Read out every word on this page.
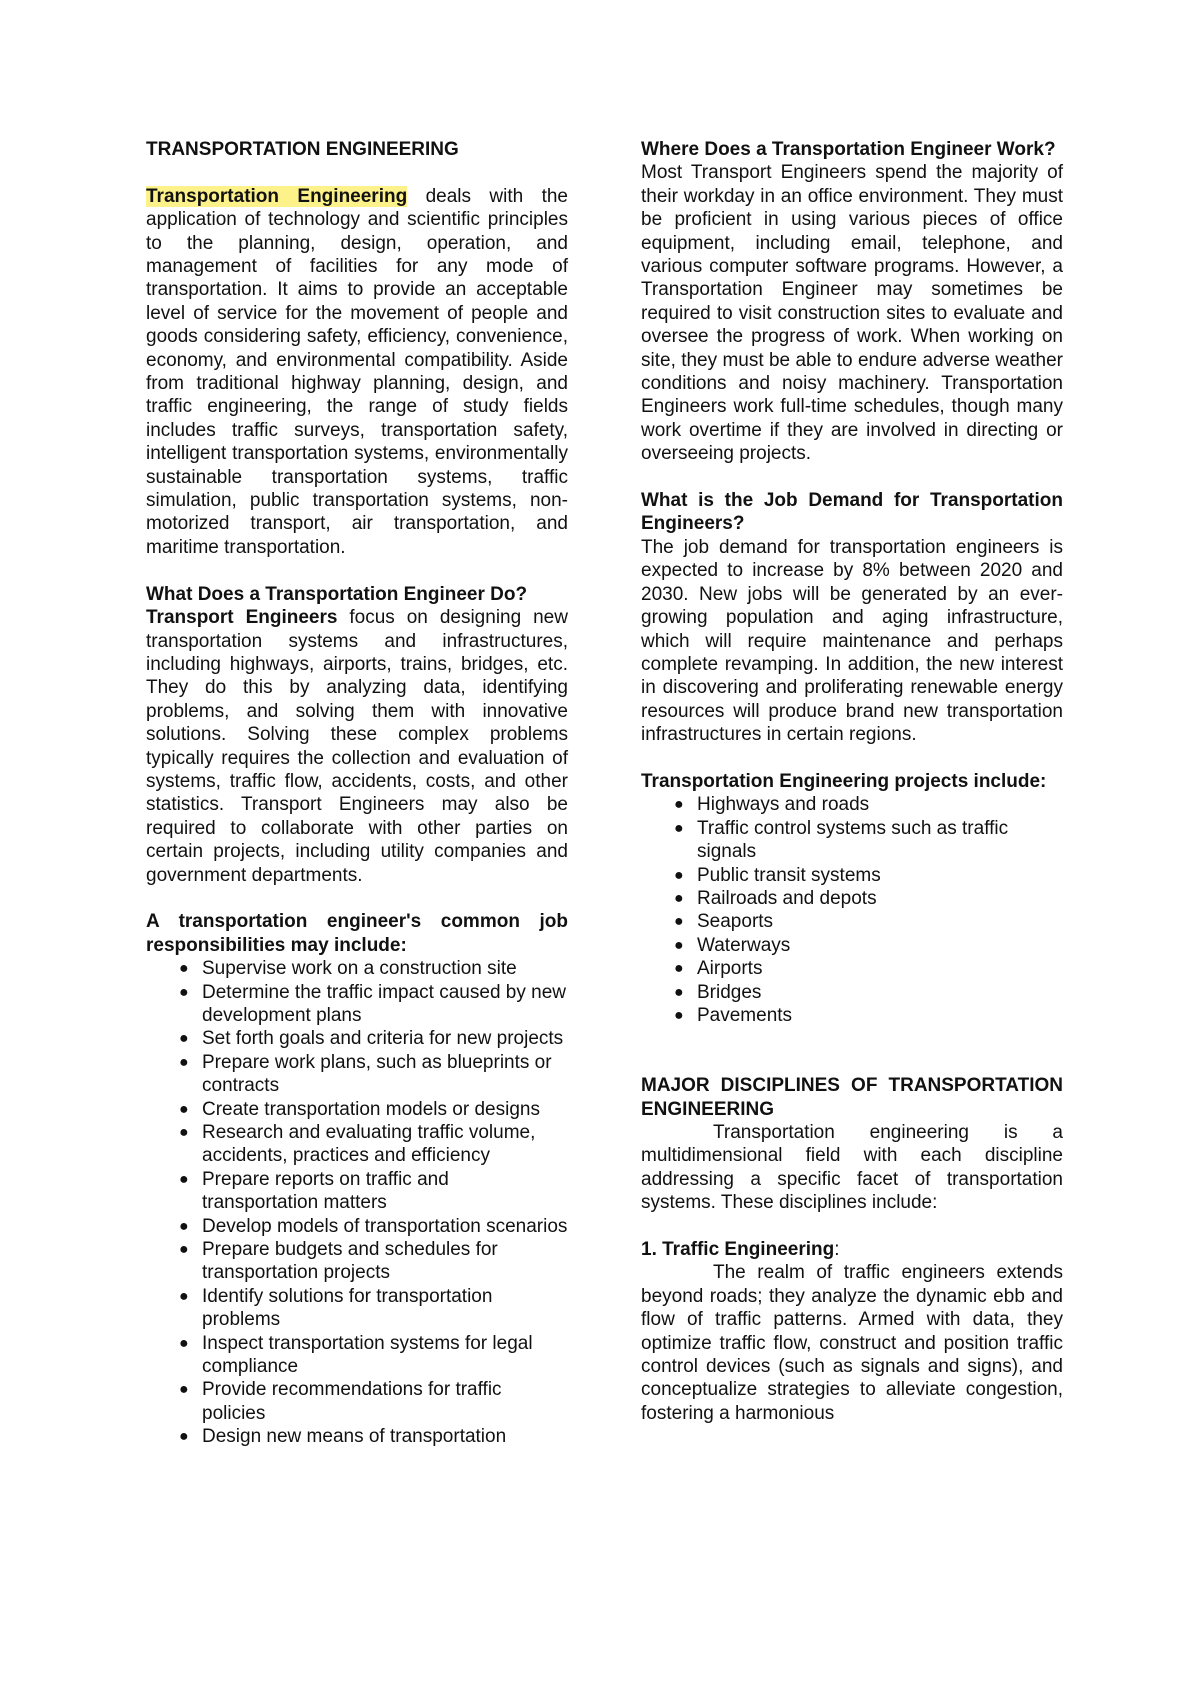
TRANSPORTATION ENGINEERING

Transportation Engineering deals with the application of technology and scientific principles to the planning, design, operation, and management of facilities for any mode of transportation. It aims to provide an acceptable level of service for the movement of people and goods considering safety, efficiency, convenience, economy, and environmental compatibility. Aside from traditional highway planning, design, and traffic engineering, the range of study fields includes traffic surveys, transportation safety, intelligent transportation systems, environmentally sustainable transportation systems, traffic simulation, public transportation systems, non-motorized transport, air transportation, and maritime transportation.

What Does a Transportation Engineer Do?

Transport Engineers focus on designing new transportation systems and infrastructures, including highways, airports, trains, bridges, etc. They do this by analyzing data, identifying problems, and solving them with innovative solutions. Solving these complex problems typically requires the collection and evaluation of systems, traffic flow, accidents, costs, and other statistics. Transport Engineers may also be required to collaborate with other parties on certain projects, including utility companies and government departments.

A transportation engineer's common job responsibilities may include:

● Supervise work on a construction site
● Determine the traffic impact caused by new development plans
● Set forth goals and criteria for new projects
● Prepare work plans, such as blueprints or contracts
● Create transportation models or designs
● Research and evaluating traffic volume, accidents, practices and efficiency
● Prepare reports on traffic and transportation matters
● Develop models of transportation scenarios
● Prepare budgets and schedules for transportation projects
● Identify solutions for transportation problems
● Inspect transportation systems for legal compliance
● Provide recommendations for traffic policies
● Design new means of transportation

Where Does a Transportation Engineer Work?

Most Transport Engineers spend the majority of their workday in an office environment. They must be proficient in using various pieces of office equipment, including email, telephone, and various computer software programs. However, a Transportation Engineer may sometimes be required to visit construction sites to evaluate and oversee the progress of work. When working on site, they must be able to endure adverse weather conditions and noisy machinery. Transportation Engineers work full-time schedules, though many work overtime if they are involved in directing or overseeing projects.

What is the Job Demand for Transportation Engineers?

The job demand for transportation engineers is expected to increase by 8% between 2020 and 2030. New jobs will be generated by an ever-growing population and aging infrastructure, which will require maintenance and perhaps complete revamping. In addition, the new interest in discovering and proliferating renewable energy resources will produce brand new transportation infrastructures in certain regions.

Transportation Engineering projects include:

● Highways and roads
● Traffic control systems such as traffic signals
● Public transit systems
● Railroads and depots
● Seaports
● Waterways
● Airports
● Bridges
● Pavements

MAJOR DISCIPLINES OF TRANSPORTATION ENGINEERING

Transportation engineering is a multidimensional field with each discipline addressing a specific facet of transportation systems. These disciplines include:

1. Traffic Engineering:

The realm of traffic engineers extends beyond roads; they analyze the dynamic ebb and flow of traffic patterns. Armed with data, they optimize traffic flow, construct and position traffic control devices (such as signals and signs), and conceptualize strategies to alleviate congestion, fostering a harmonious
